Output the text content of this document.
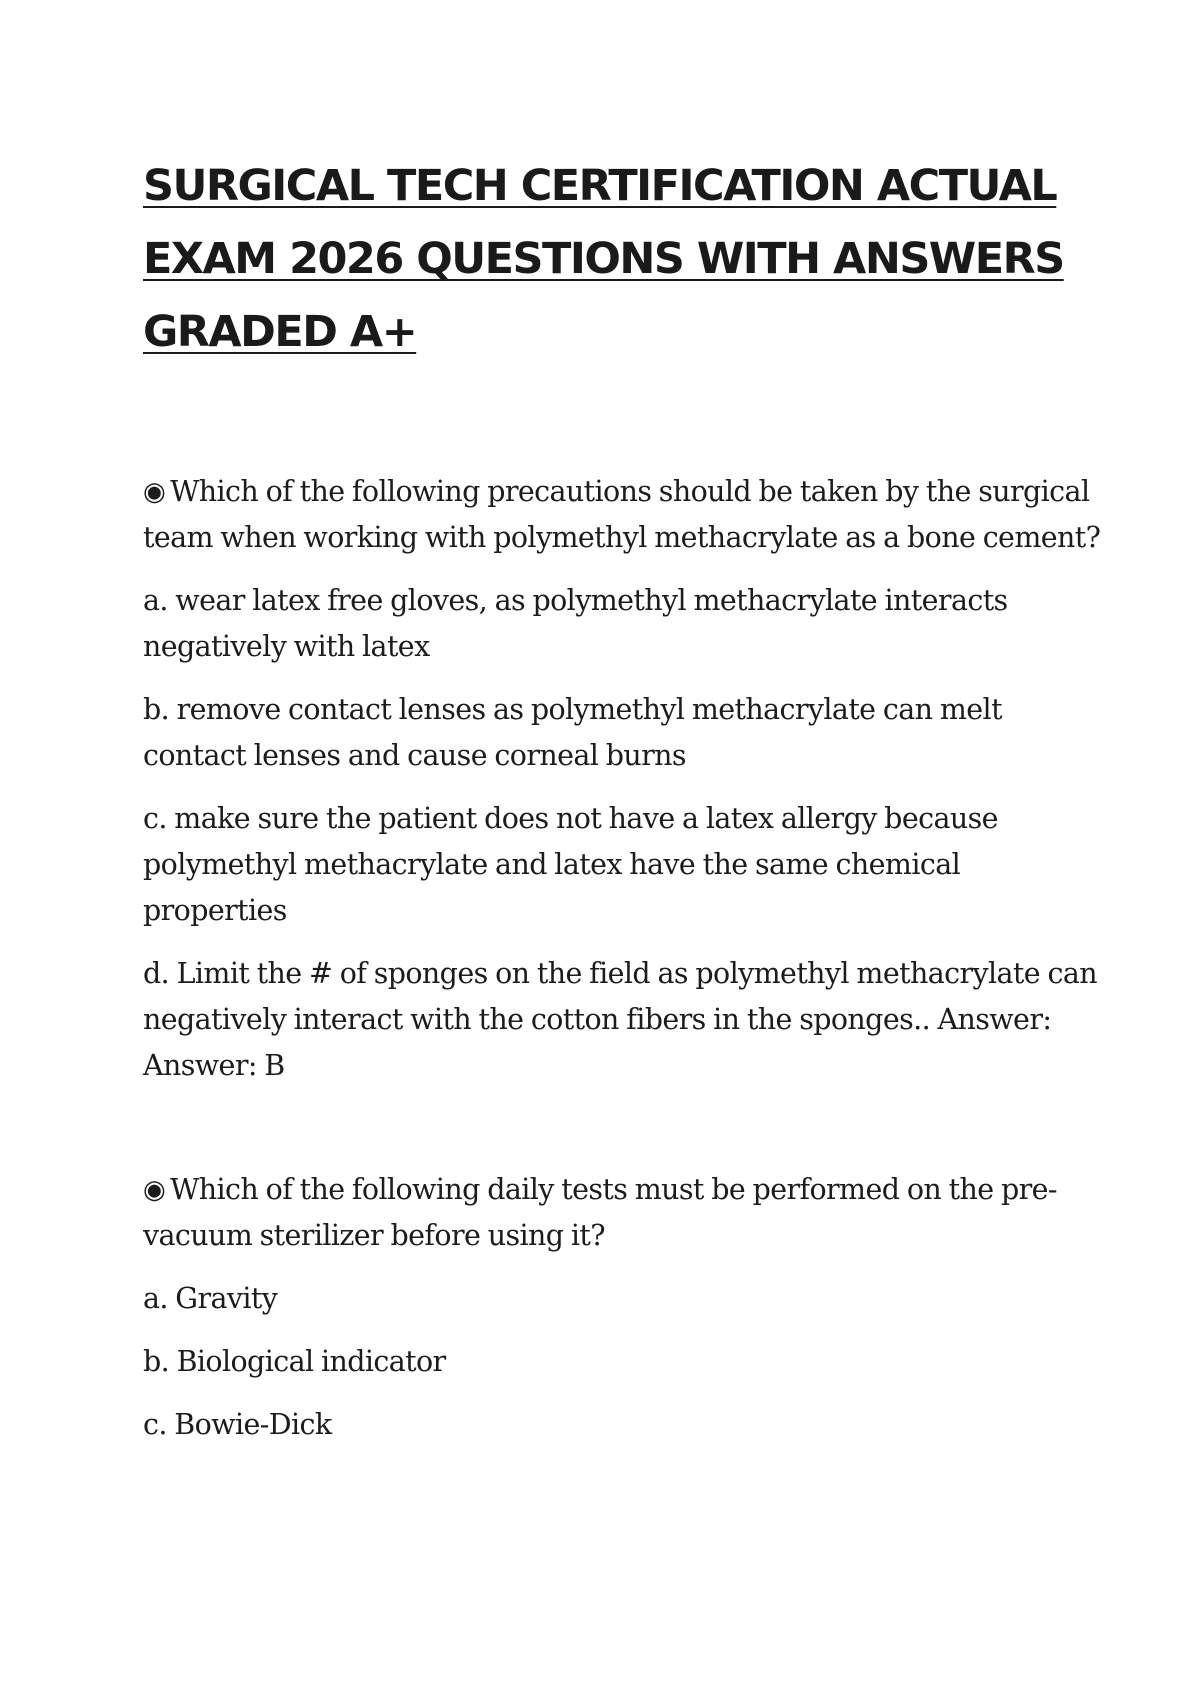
SURGICAL TECH CERTIFICATION ACTUAL
EXAM 2026 QUESTIONS WITH ANSWERS
GRADED A+

◉ Which of the following precautions should be taken by the surgical team when working with polymethyl methacrylate as a bone cement?

a. wear latex free gloves, as polymethyl methacrylate interacts negatively with latex

b. remove contact lenses as polymethyl methacrylate can melt contact lenses and cause corneal burns

c. make sure the patient does not have a latex allergy because polymethyl methacrylate and latex have the same chemical properties

d. Limit the # of sponges on the field as polymethyl methacrylate can negatively interact with the cotton fibers in the sponges.. Answer:
Answer: B

◉ Which of the following daily tests must be performed on the pre-vacuum sterilizer before using it?

a. Gravity

b. Biological indicator

c. Bowie-Dick
